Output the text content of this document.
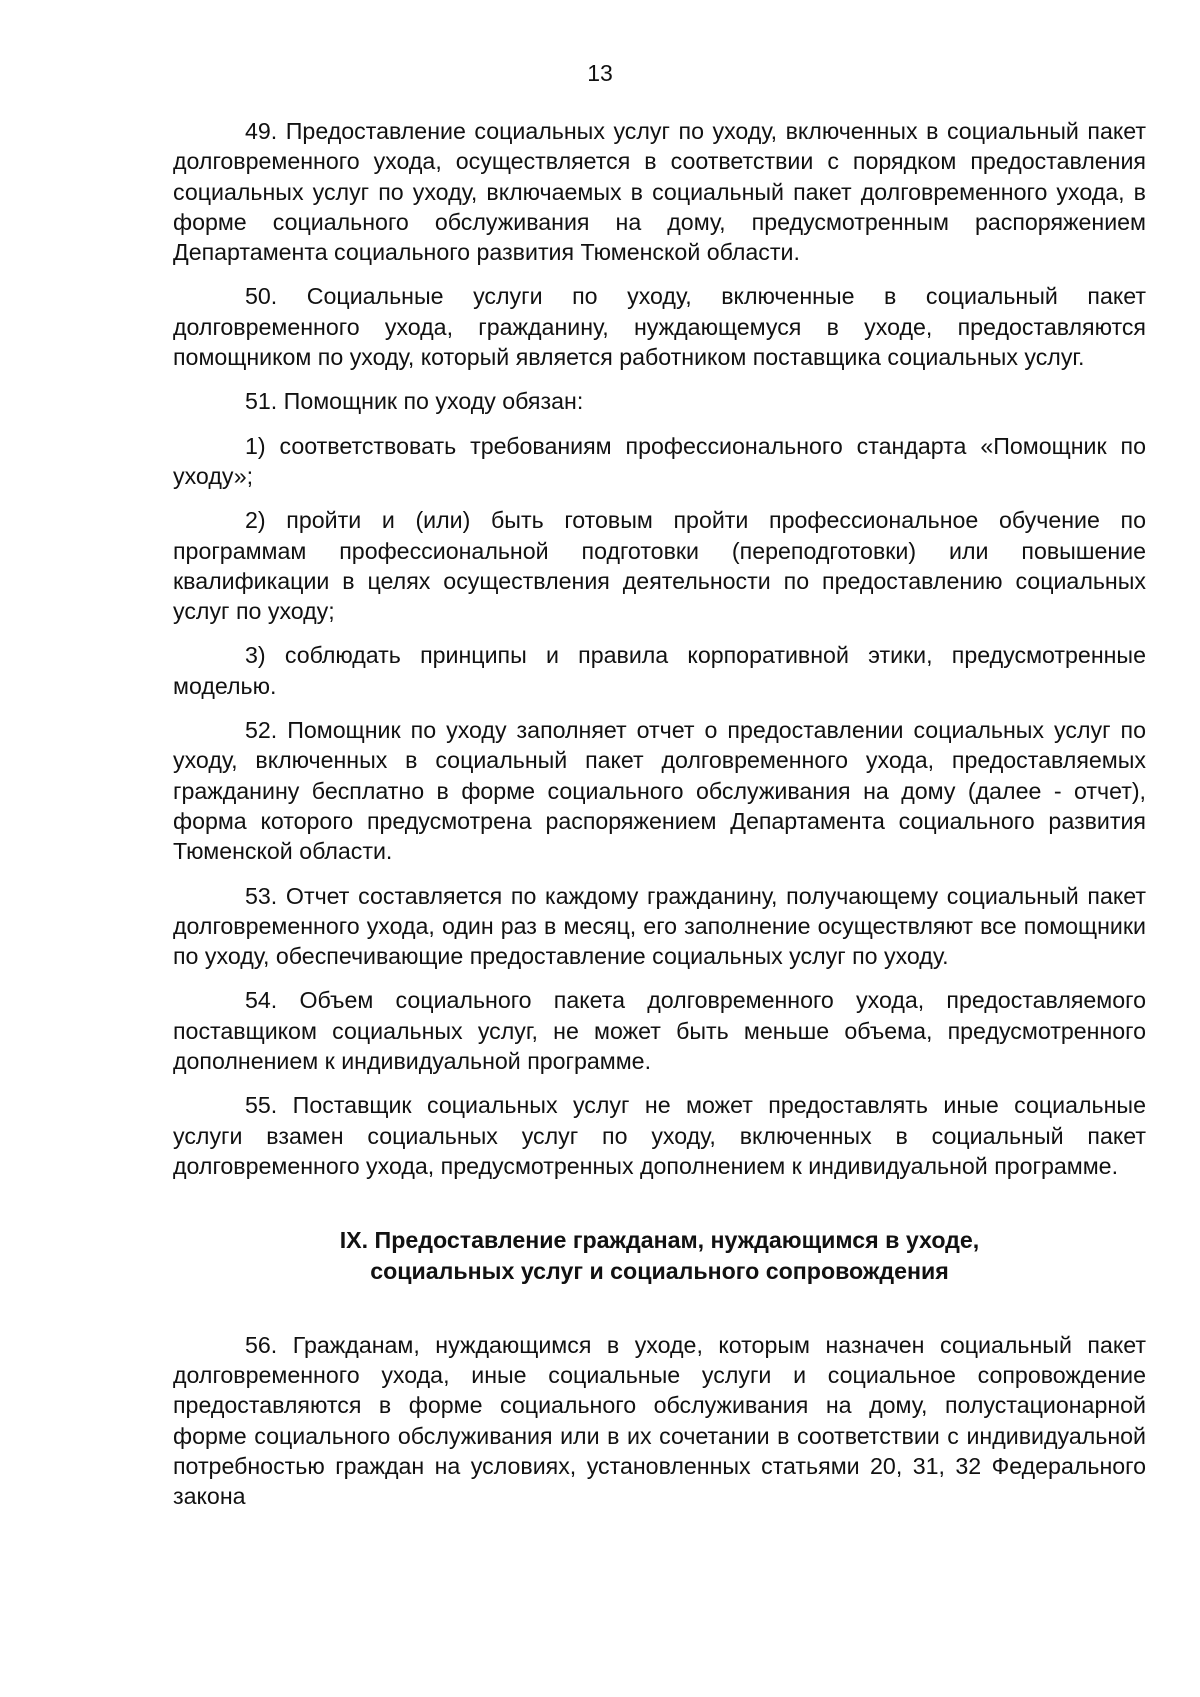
13

49. Предоставление социальных услуг по уходу, включенных в социальный пакет долговременного ухода, осуществляется в соответствии с порядком предоставления социальных услуг по уходу, включаемых в социальный пакет долговременного ухода, в форме социального обслуживания на дому, предусмотренным распоряжением Департамента социального развития Тюменской области.

50. Социальные услуги по уходу, включенные в социальный пакет долговременного ухода, гражданину, нуждающемуся в уходе, предоставляются помощником по уходу, который является работником поставщика социальных услуг.

51. Помощник по уходу обязан:

1) соответствовать требованиям профессионального стандарта «Помощник по уходу»;

2) пройти и (или) быть готовым пройти профессиональное обучение по программам профессиональной подготовки (переподготовки) или повышение квалификации в целях осуществления деятельности по предоставлению социальных услуг по уходу;

3) соблюдать принципы и правила корпоративной этики, предусмотренные моделью.

52. Помощник по уходу заполняет отчет о предоставлении социальных услуг по уходу, включенных в социальный пакет долговременного ухода, предоставляемых гражданину бесплатно в форме социального обслуживания на дому (далее - отчет), форма которого предусмотрена распоряжением Департамента социального развития Тюменской области.

53. Отчет составляется по каждому гражданину, получающему социальный пакет долговременного ухода, один раз в месяц, его заполнение осуществляют все помощники по уходу, обеспечивающие предоставление социальных услуг по уходу.

54. Объем социального пакета долговременного ухода, предоставляемого поставщиком социальных услуг, не может быть меньше объема, предусмотренного дополнением к индивидуальной программе.

55. Поставщик социальных услуг не может предоставлять иные социальные услуги взамен социальных услуг по уходу, включенных в социальный пакет долговременного ухода, предусмотренных дополнением к индивидуальной программе.

IX. Предоставление гражданам, нуждающимся в уходе,
социальных услуг и социального сопровождения

56. Гражданам, нуждающимся в уходе, которым назначен социальный пакет долговременного ухода, иные социальные услуги и социальное сопровождение предоставляются в форме социального обслуживания на дому, полустационарной форме социального обслуживания или в их сочетании в соответствии с индивидуальной потребностью граждан на условиях, установленных статьями 20, 31, 32 Федерального закона
